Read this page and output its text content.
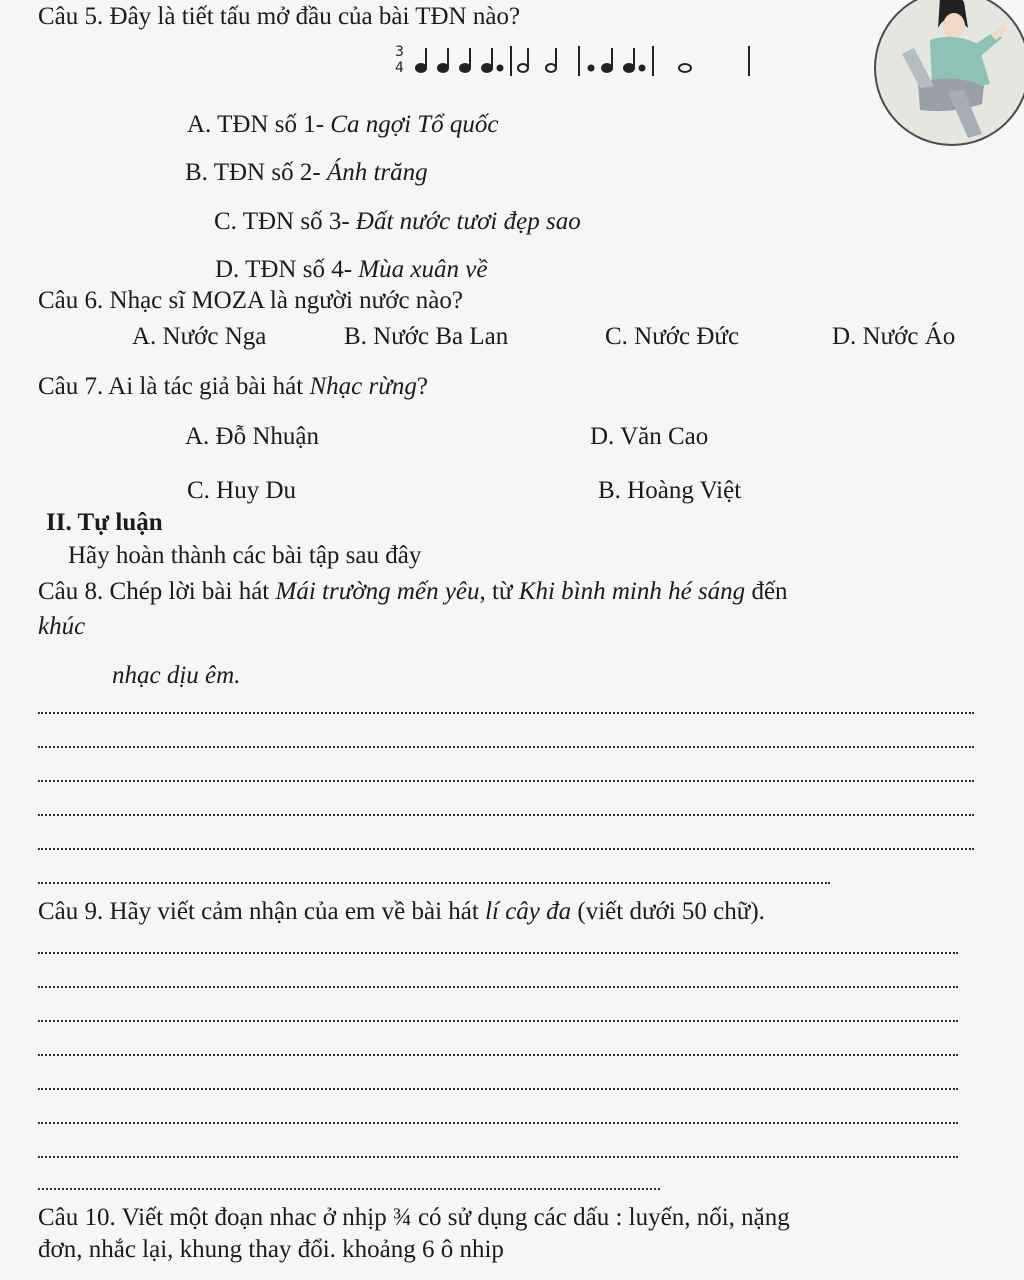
Câu 5. Đây là tiết tấu mở đầu của bài TĐN nào?
3
4
A. TĐN số 1- Ca ngợi Tổ quốc
B. TĐN số 2- Ánh trăng
C. TĐN số 3- Đất nước tươi đẹp sao
D. TĐN số 4- Mùa xuân về
Câu 6. Nhạc sĩ MOZA là người nước nào?
A. Nước Nga	B. Nước Ba Lan	C. Nước Đức	D. Nước Áo
Câu 7. Ai là tác giả bài hát Nhạc rừng?
A. Đỗ Nhuận	D. Văn Cao
C. Huy Du	B. Hoàng Việt
II. Tự luận
Hãy hoàn thành các bài tập sau đây
Câu 8. Chép lời bài hát Mái trường mến yêu, từ Khi bình minh hé sáng đến
khúc
nhạc dịu êm.
Câu 9. Hãy viết cảm nhận của em về bài hát lí cây đa (viết dưới 50 chữ).
Câu 10. Viết một đoạn nhac ở nhịp ¾ có sử dụng các dấu : luyến, nối, nặng
đơn, nhắc lại, khung thay đổi. khoảng 6 ô nhip
